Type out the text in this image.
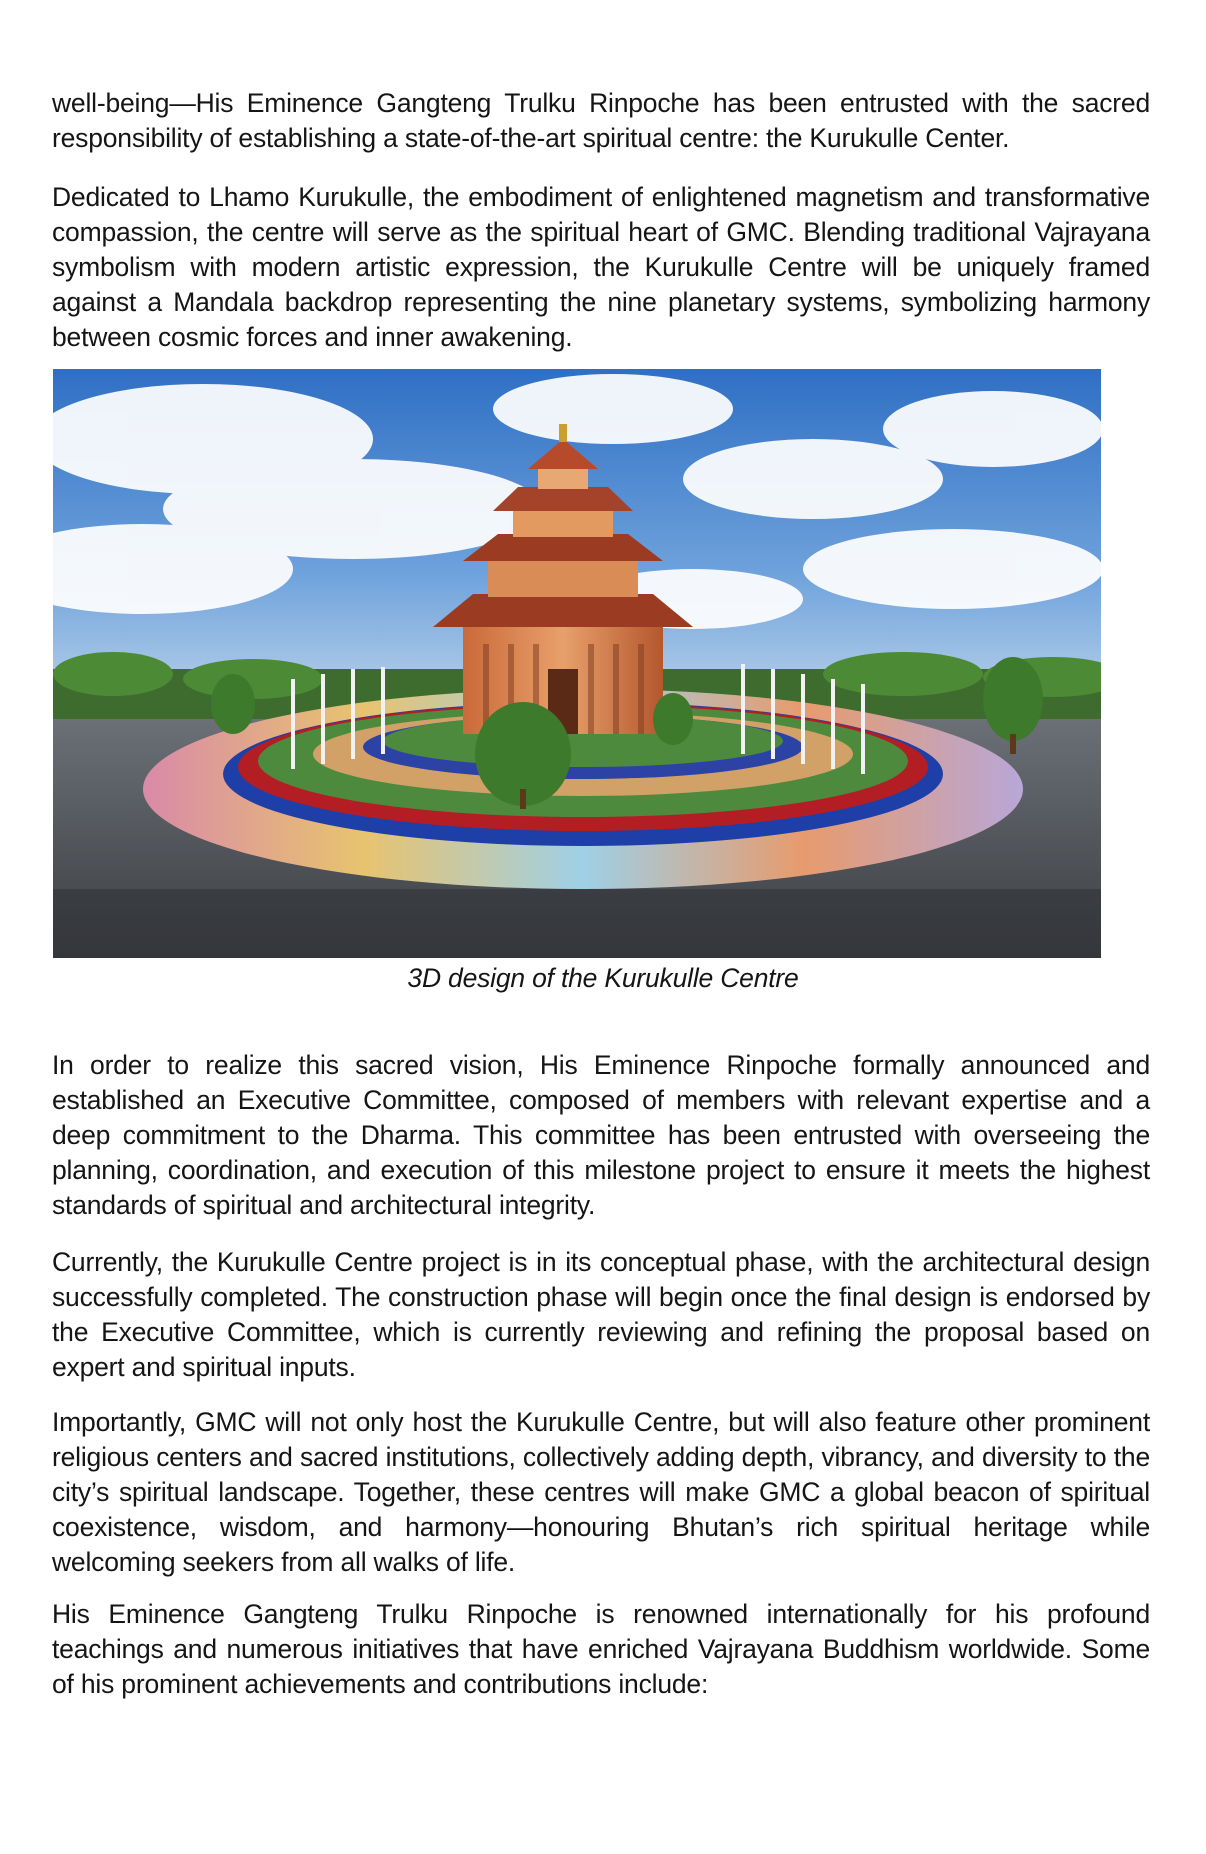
well-being—His Eminence Gangteng Trulku Rinpoche has been entrusted with the sacred responsibility of establishing a state-of-the-art spiritual centre: the Kurukulle Center.

Dedicated to Lhamo Kurukulle, the embodiment of enlightened magnetism and transformative compassion, the centre will serve as the spiritual heart of GMC. Blending traditional Vajrayana symbolism with modern artistic expression, the Kurukulle Centre will be uniquely framed against a Mandala backdrop representing the nine planetary systems, symbolizing harmony between cosmic forces and inner awakening.

3D design of the Kurukulle Centre

In order to realize this sacred vision, His Eminence Rinpoche formally announced and established an Executive Committee, composed of members with relevant expertise and a deep commitment to the Dharma. This committee has been entrusted with overseeing the planning, coordination, and execution of this milestone project to ensure it meets the highest standards of spiritual and architectural integrity.

Currently, the Kurukulle Centre project is in its conceptual phase, with the architectural design successfully completed. The construction phase will begin once the final design is endorsed by the Executive Committee, which is currently reviewing and refining the proposal based on expert and spiritual inputs.

Importantly, GMC will not only host the Kurukulle Centre, but will also feature other prominent religious centers and sacred institutions, collectively adding depth, vibrancy, and diversity to the city’s spiritual landscape. Together, these centres will make GMC a global beacon of spiritual coexistence, wisdom, and harmony—honouring Bhutan’s rich spiritual heritage while welcoming seekers from all walks of life.

His Eminence Gangteng Trulku Rinpoche is renowned internationally for his profound teachings and numerous initiatives that have enriched Vajrayana Buddhism worldwide. Some of his prominent achievements and contributions include:
